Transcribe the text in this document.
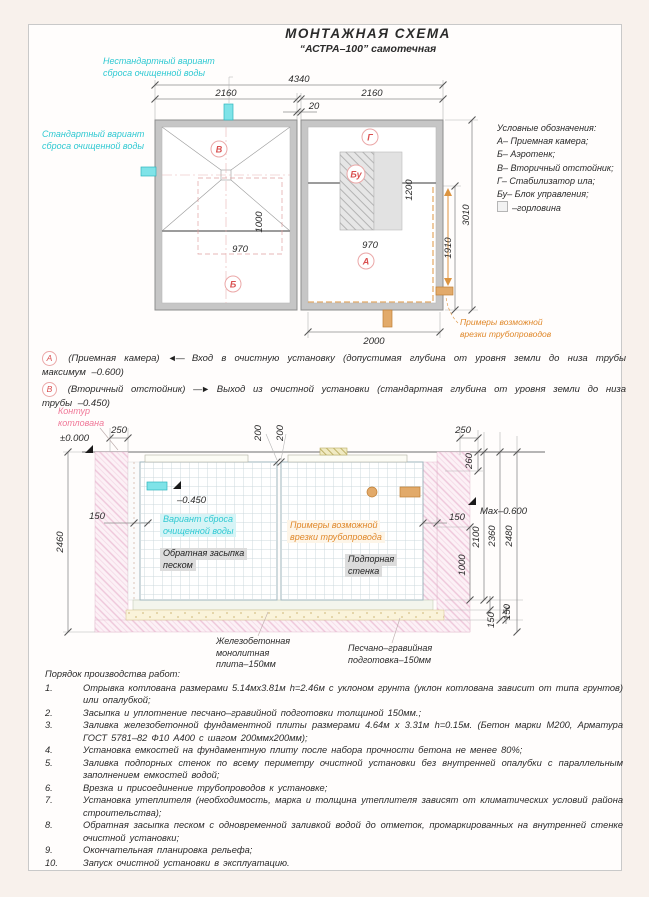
4340
2160	2160
20
3010
1910
2000
970
1000
970
1200
В
Б
Г
Бу
А
±0.000
250
2460
150
200 200	250
260
Max–0.600
150
2100 2360 2480
1000
150
150
–0.450
МОНТАЖНАЯ СХЕМА
“АСТРА–100” самотечная
Нестандартный вариант
сброса очищенной воды
Стандартный вариант
сброса очищенной воды
Примеры возможной
врезки трубопроводов
Условные обозначения:
А– Приемная камера;
Б– Аэротенк;
В– Вторичный отстойник;
Г– Стабилизатор ила;
Бу– Блок управления;
–горловина

А (Приемная камера) ◄— Вход в очистную установку (допустимая глубина от уровня земли до низа трубы максимум –0.600)

В (Вторичный отстойник) —► Выход из очистной установки (стандартная глубина от уровня земли до низа трубы –0.450)

Контур
котлована
Вариант сброса
очищенной воды
Обратная засыпка
песком
Примеры возможной
врезки трубопровода
Подпорная
стенка
Железобетонная
монолитная
плита–150мм
Песчано–гравийная
подготовка–150мм
Порядок производства работ:
1.	Отрывка котлована размерами 5.14мх3.81м h=2.46м с уклоном грунта (уклон котлована зависит от типа грунтов) или опалубкой;
2.	Засыпка и уплотнение песчано–гравийной подготовки толщиной 150мм.;
3.	Заливка железобетонной фундаментной плиты размерами 4.64м х 3.31м h=0.15м. (Бетон марки М200, Арматура ГОСТ 5781–82 Ф10 А400 с шагом 200ммх200мм);
4.	Установка емкостей на фундаментную плиту после набора прочности бетона не менее 80%;
5.	Заливка подпорных стенок по всему периметру очистной установки без внутренней опалубки с параллельным заполнением емкостей водой;
6.	Врезка и присоединение трубопроводов к установке;
7.	Установка утеплителя (необходимость, марка и толщина утеплителя зависят от климатических условий района строительства);
8.	Обратная засыпка песком с одновременной заливкой водой до отметок, промаркированных на внутренней стенке очистной установки;
9.	Окончательная планировка рельефа;
10.	Запуск очистной установки в эксплуатацию.
